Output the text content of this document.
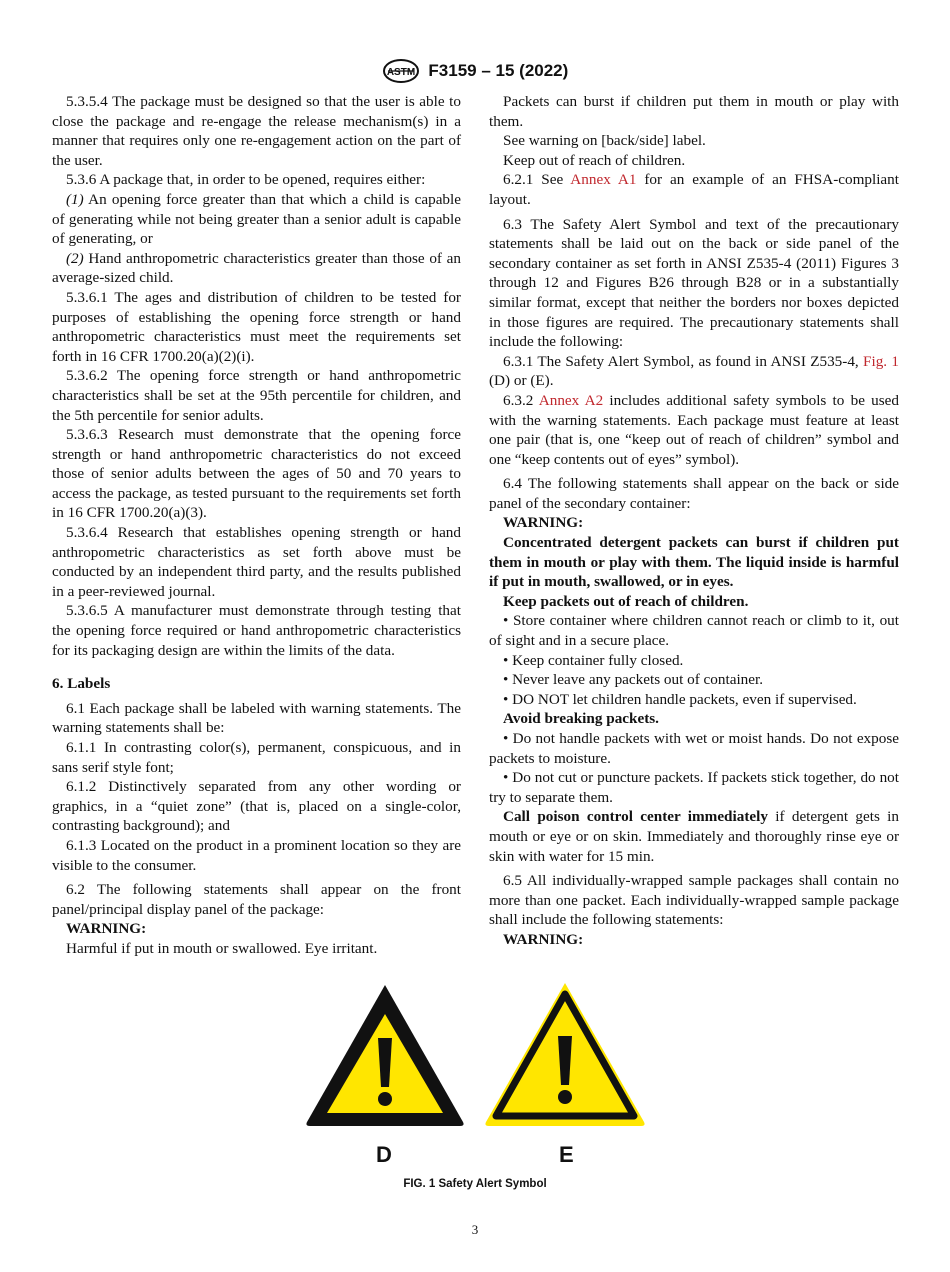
ASTM F3159 – 15 (2022)

5.3.5.4 The package must be designed so that the user is able to close the package and re-engage the release mechanism(s) in a manner that requires only one re-engagement action on the part of the user.

5.3.6 A package that, in order to be opened, requires either:

(1) An opening force greater than that which a child is capable of generating while not being greater than a senior adult is capable of generating, or

(2) Hand anthropometric characteristics greater than those of an average-sized child.

5.3.6.1 The ages and distribution of children to be tested for purposes of establishing the opening force strength or hand anthropometric characteristics must meet the requirements set forth in 16 CFR 1700.20(a)(2)(i).

5.3.6.2 The opening force strength or hand anthropometric characteristics shall be set at the 95th percentile for children, and the 5th percentile for senior adults.

5.3.6.3 Research must demonstrate that the opening force strength or hand anthropometric characteristics do not exceed those of senior adults between the ages of 50 and 70 years to access the package, as tested pursuant to the requirements set forth in 16 CFR 1700.20(a)(3).

5.3.6.4 Research that establishes opening strength or hand anthropometric characteristics as set forth above must be conducted by an independent third party, and the results published in a peer-reviewed journal.

5.3.6.5 A manufacturer must demonstrate through testing that the opening force required or hand anthropometric characteristics for its packaging design are within the limits of the data.

6. Labels

6.1 Each package shall be labeled with warning statements. The warning statements shall be:

6.1.1 In contrasting color(s), permanent, conspicuous, and in sans serif style font;

6.1.2 Distinctively separated from any other wording or graphics, in a “quiet zone” (that is, placed on a single-color, contrasting background); and

6.1.3 Located on the product in a prominent location so they are visible to the consumer.

6.2 The following statements shall appear on the front panel/principal display panel of the package:

WARNING:

Harmful if put in mouth or swallowed. Eye irritant.

Packets can burst if children put them in mouth or play with them.

See warning on [back/side] label.

Keep out of reach of children.

6.2.1 See Annex A1 for an example of an FHSA-compliant layout.

6.3 The Safety Alert Symbol and text of the precautionary statements shall be laid out on the back or side panel of the secondary container as set forth in ANSI Z535-4 (2011) Figures 3 through 12 and Figures B26 through B28 or in a substantially similar format, except that neither the borders nor boxes depicted in those figures are required. The precautionary statements shall include the following:

6.3.1 The Safety Alert Symbol, as found in ANSI Z535-4, Fig. 1 (D) or (E).

6.3.2 Annex A2 includes additional safety symbols to be used with the warning statements. Each package must feature at least one pair (that is, one “keep out of reach of children” symbol and one “keep contents out of eyes” symbol).

6.4 The following statements shall appear on the back or side panel of the secondary container:

WARNING:

Concentrated detergent packets can burst if children put them in mouth or play with them. The liquid inside is harmful if put in mouth, swallowed, or in eyes.

Keep packets out of reach of children.

• Store container where children cannot reach or climb to it, out of sight and in a secure place.

• Keep container fully closed.

• Never leave any packets out of container.

• DO NOT let children handle packets, even if supervised.

Avoid breaking packets.

• Do not handle packets with wet or moist hands. Do not expose packets to moisture.

• Do not cut or puncture packets. If packets stick together, do not try to separate them.

Call poison control center immediately if detergent gets in mouth or eye or on skin. Immediately and thoroughly rinse eye or skin with water for 15 min.

6.5 All individually-wrapped sample packages shall contain no more than one packet. Each individually-wrapped sample package shall include the following statements:

WARNING:

D	E
FIG. 1 Safety Alert Symbol
3
